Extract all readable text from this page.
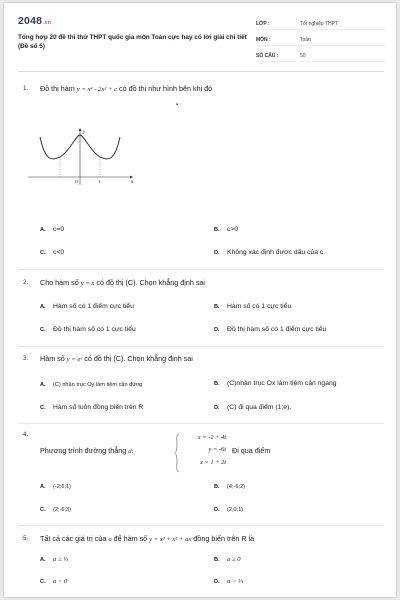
2048.vn
Tổng hợp 20 đề thi thử THPT quốc gia môn Toán cực hay có lời giải chi tiết (Đề số 5)
LỚP :	Tốt nghiệp THPT
MÔN :	Toán
SỐ CÂU :	50
1. Đồ thị hàm y = x⁴ - 2x² + c có đồ thị như hình bên khi đó
▪
x
y
O	1
A. c=0	B. c>0
C. c<0	D. Không xác định được dấu của c
2. Cho hàm số y = x có đồ thị (C). Chọn khẳng định sai
A. Hàm số có 1 điểm cực tiểu	B. Hàm số có 1 cực tiểu
C. Đồ thị hàm số có 1 cực tiểu	D. Đồ thị hàm số có 1 điểm cực tiểu
3. Hàm số y = eˣ có đồ thị (C). Chọn khẳng định sai
A. (C) nhận trục Oy làm tiệm cận đứng	B. (C)nhận trục Ox làm tiệm cận ngang
C. Hàm số luôn đồng biến trên R	D. (C) đi qua điểm (1;e).
4.
Phương trình đường thẳng d:	Đi qua điểm
x = -2 + 4t
y = -6t
z = 1 + 2t
A. (-2;6;1)	B. (4;-6;2)
C. (2;-6;3)	D. (2;0;1)
5. Tất cả các giá trị của a để hàm số y = x³ + x² + ax đồng biến trên R là
A. a ≥ ⅓	B. a ≥ 0
C. a < 0	D. a > ⅓
